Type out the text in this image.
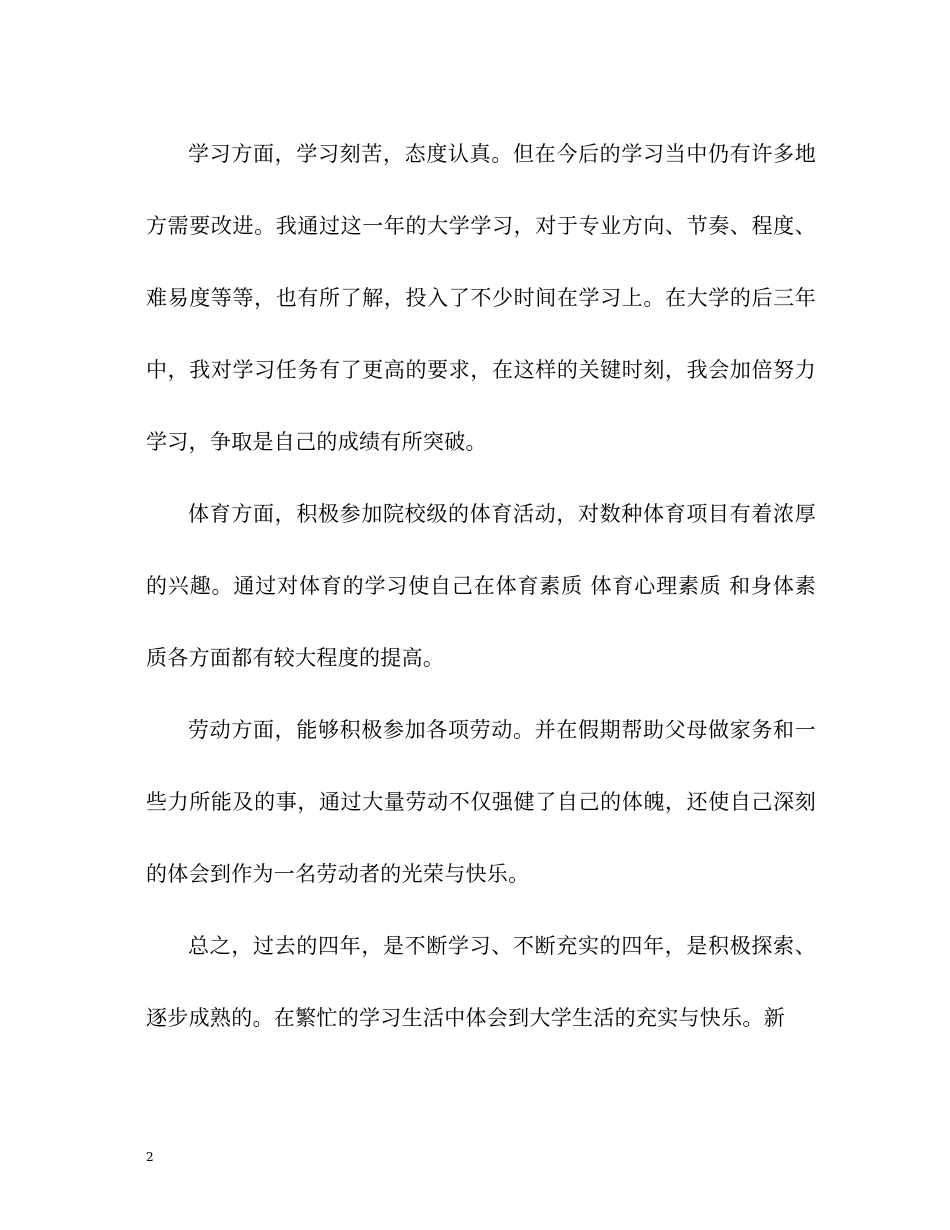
学习方面，学习刻苦，态度认真。但在今后的学习当中仍有许多地方需要改进。我通过这一年的大学学习，对于专业方向、节奏、程度、难易度等等，也有所了解，投入了不少时间在学习上。在大学的后三年中，我对学习任务有了更高的要求，在这样的关键时刻，我会加倍努力学习，争取是自己的成绩有所突破。

体育方面，积极参加院校级的体育活动，对数种体育项目有着浓厚的兴趣。通过对体育的学习使自己在体育素质 体育心理素质 和身体素质各方面都有较大程度的提高。

劳动方面，能够积极参加各项劳动。并在假期帮助父母做家务和一些力所能及的事，通过大量劳动不仅强健了自己的体魄，还使自己深刻的体会到作为一名劳动者的光荣与快乐。

总之，过去的四年，是不断学习、不断充实的四年，是积极探索、逐步成熟的。在繁忙的学习生活中体会到大学生活的充实与快乐。新

2
